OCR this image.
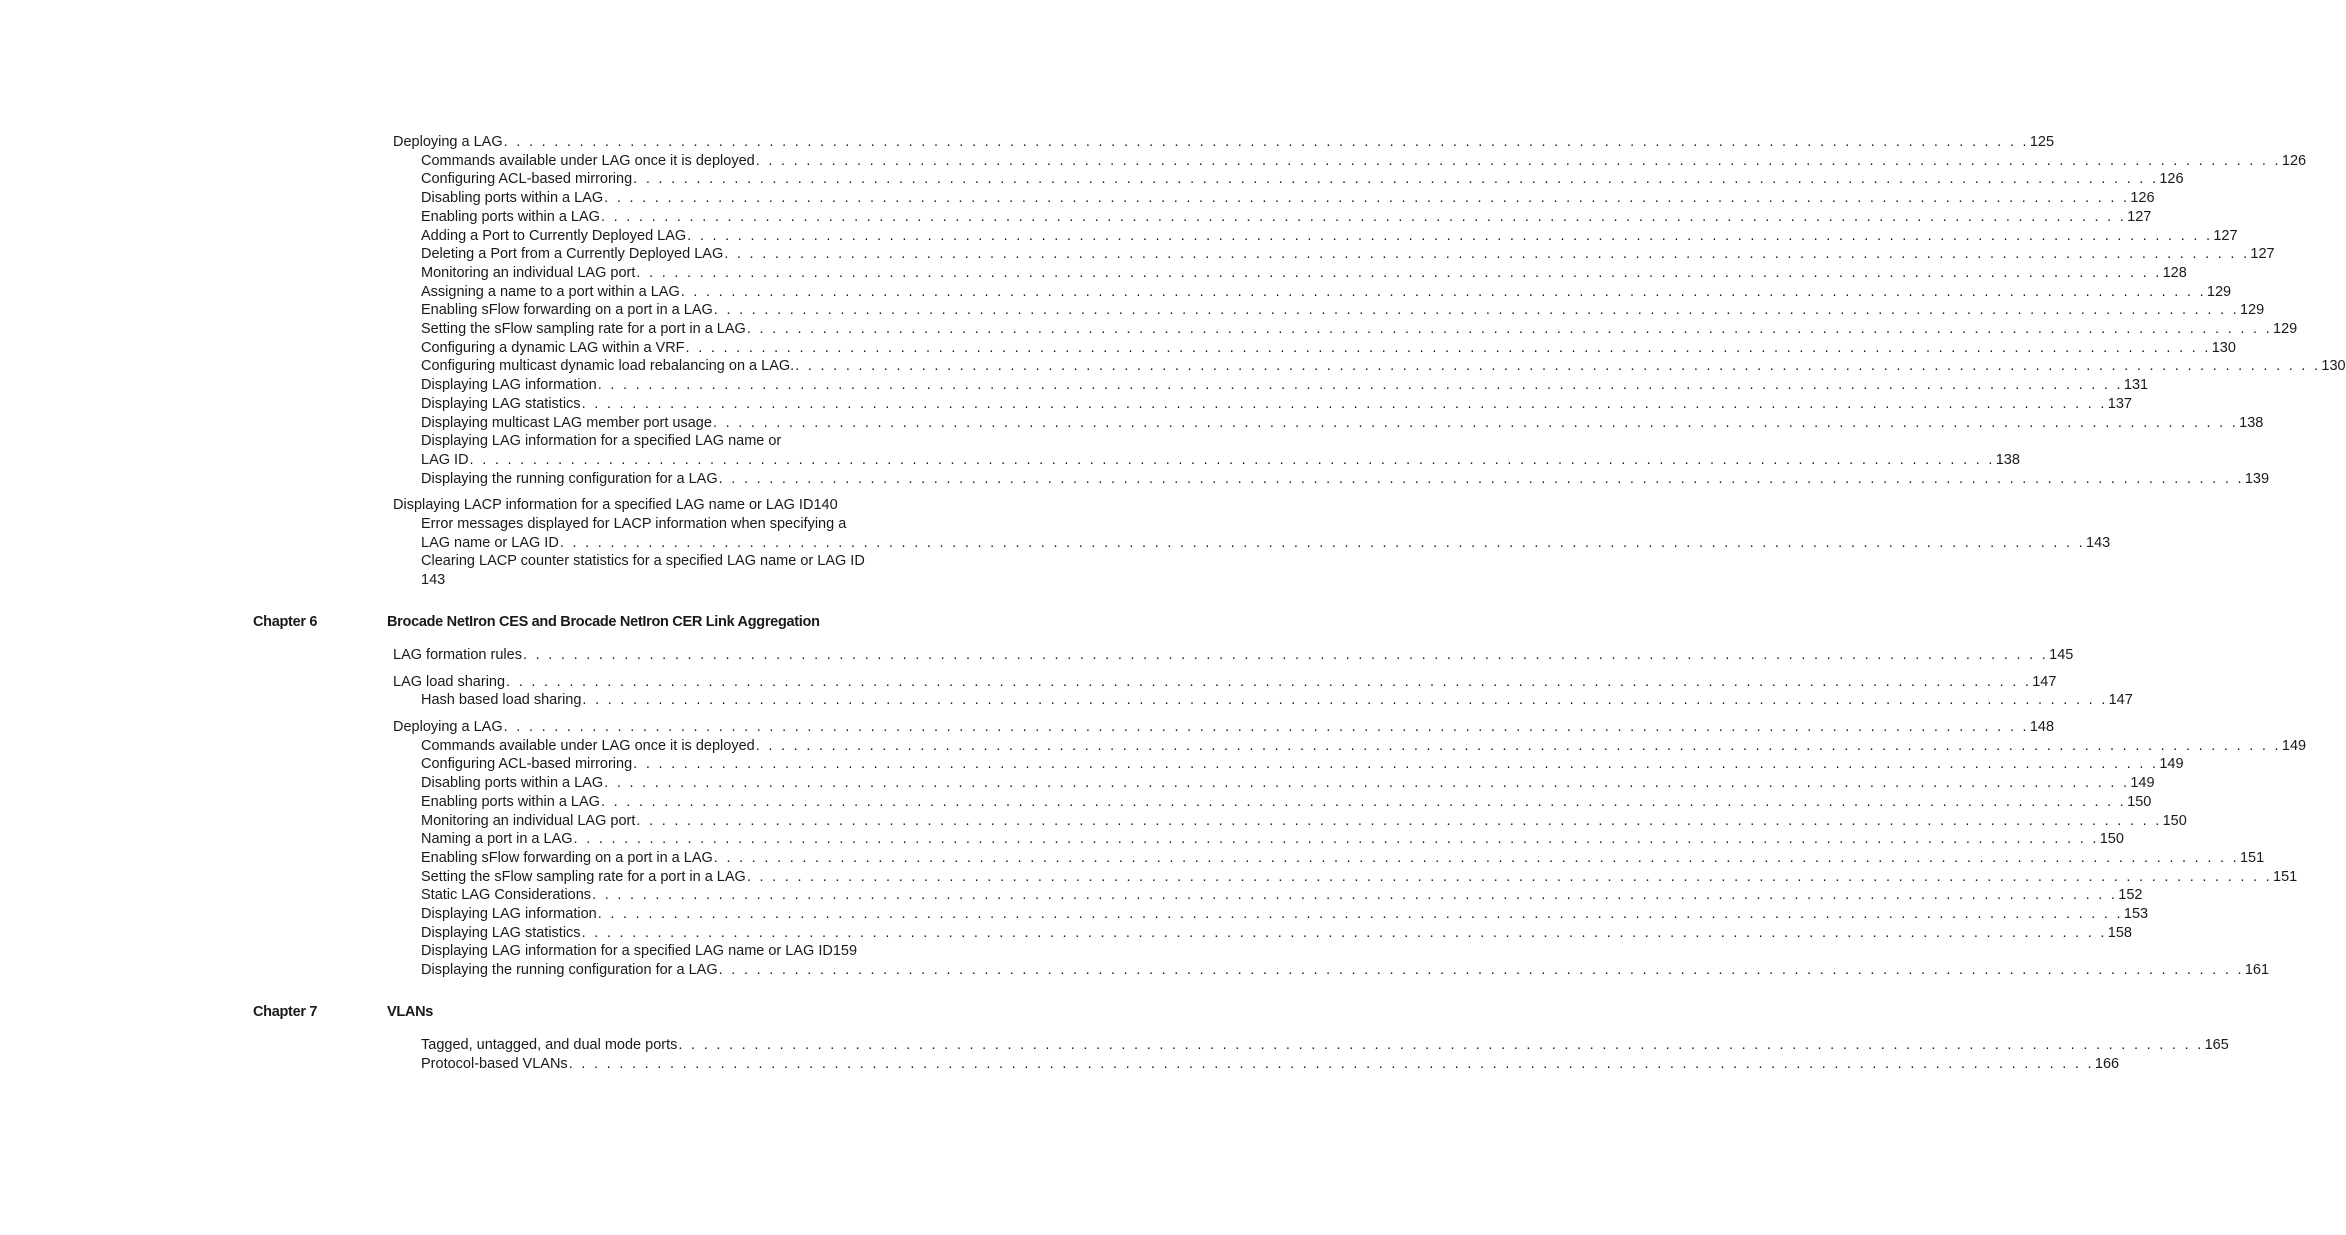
Deploying a LAG . . .	125
Commands available under LAG once it is deployed . . .	126
Configuring ACL-based mirroring . . .	126
Disabling ports within a LAG . . .	126
Enabling ports within a LAG . . .	127
Adding a Port to Currently Deployed LAG . . .	127
Deleting a Port from a Currently Deployed LAG . . .	127
Monitoring an individual LAG port . . .	128
Assigning a name to a port within a LAG . . .	129
Enabling sFlow forwarding on a port in a LAG . . .	129
Setting the sFlow sampling rate for a port in a LAG . . .	129
Configuring a dynamic LAG within a VRF . . .	130
Configuring multicast dynamic load rebalancing on a LAG. . . .	130
Displaying LAG information . . .	131
Displaying LAG statistics . . .	137
Displaying multicast LAG member port usage . . .	138
Displaying LAG information for a specified LAG name or
LAG ID . . .	138
Displaying the running configuration for a LAG . . .	139
Displaying LACP information for a specified LAG name or LAG ID 140
Error messages displayed for LACP information when specifying a
LAG name or LAG ID . . .	143
Clearing LACP counter statistics for a specified LAG name or LAG ID
143
Chapter 6	Brocade NetIron CES and Brocade NetIron CER Link Aggregation
LAG formation rules . . .	145
LAG load sharing . . .	147
Hash based load sharing . . .	147
Deploying a LAG . . .	148
Commands available under LAG once it is deployed . . .	149
Configuring ACL-based mirroring . . .	149
Disabling ports within a LAG . . .	149
Enabling ports within a LAG . . .	150
Monitoring an individual LAG port . . .	150
Naming a port in a LAG . . .	150
Enabling sFlow forwarding on a port in a LAG . . .	151
Setting the sFlow sampling rate for a port in a LAG . . .	151
Static LAG Considerations . . .	152
Displaying LAG information . . .	153
Displaying LAG statistics . . .	158
Displaying LAG information for a specified LAG name or LAG ID 159
Displaying the running configuration for a LAG . . .	161
Chapter 7	VLANs
Tagged, untagged, and dual mode ports . . .	165
Protocol-based VLANs . . .	166
